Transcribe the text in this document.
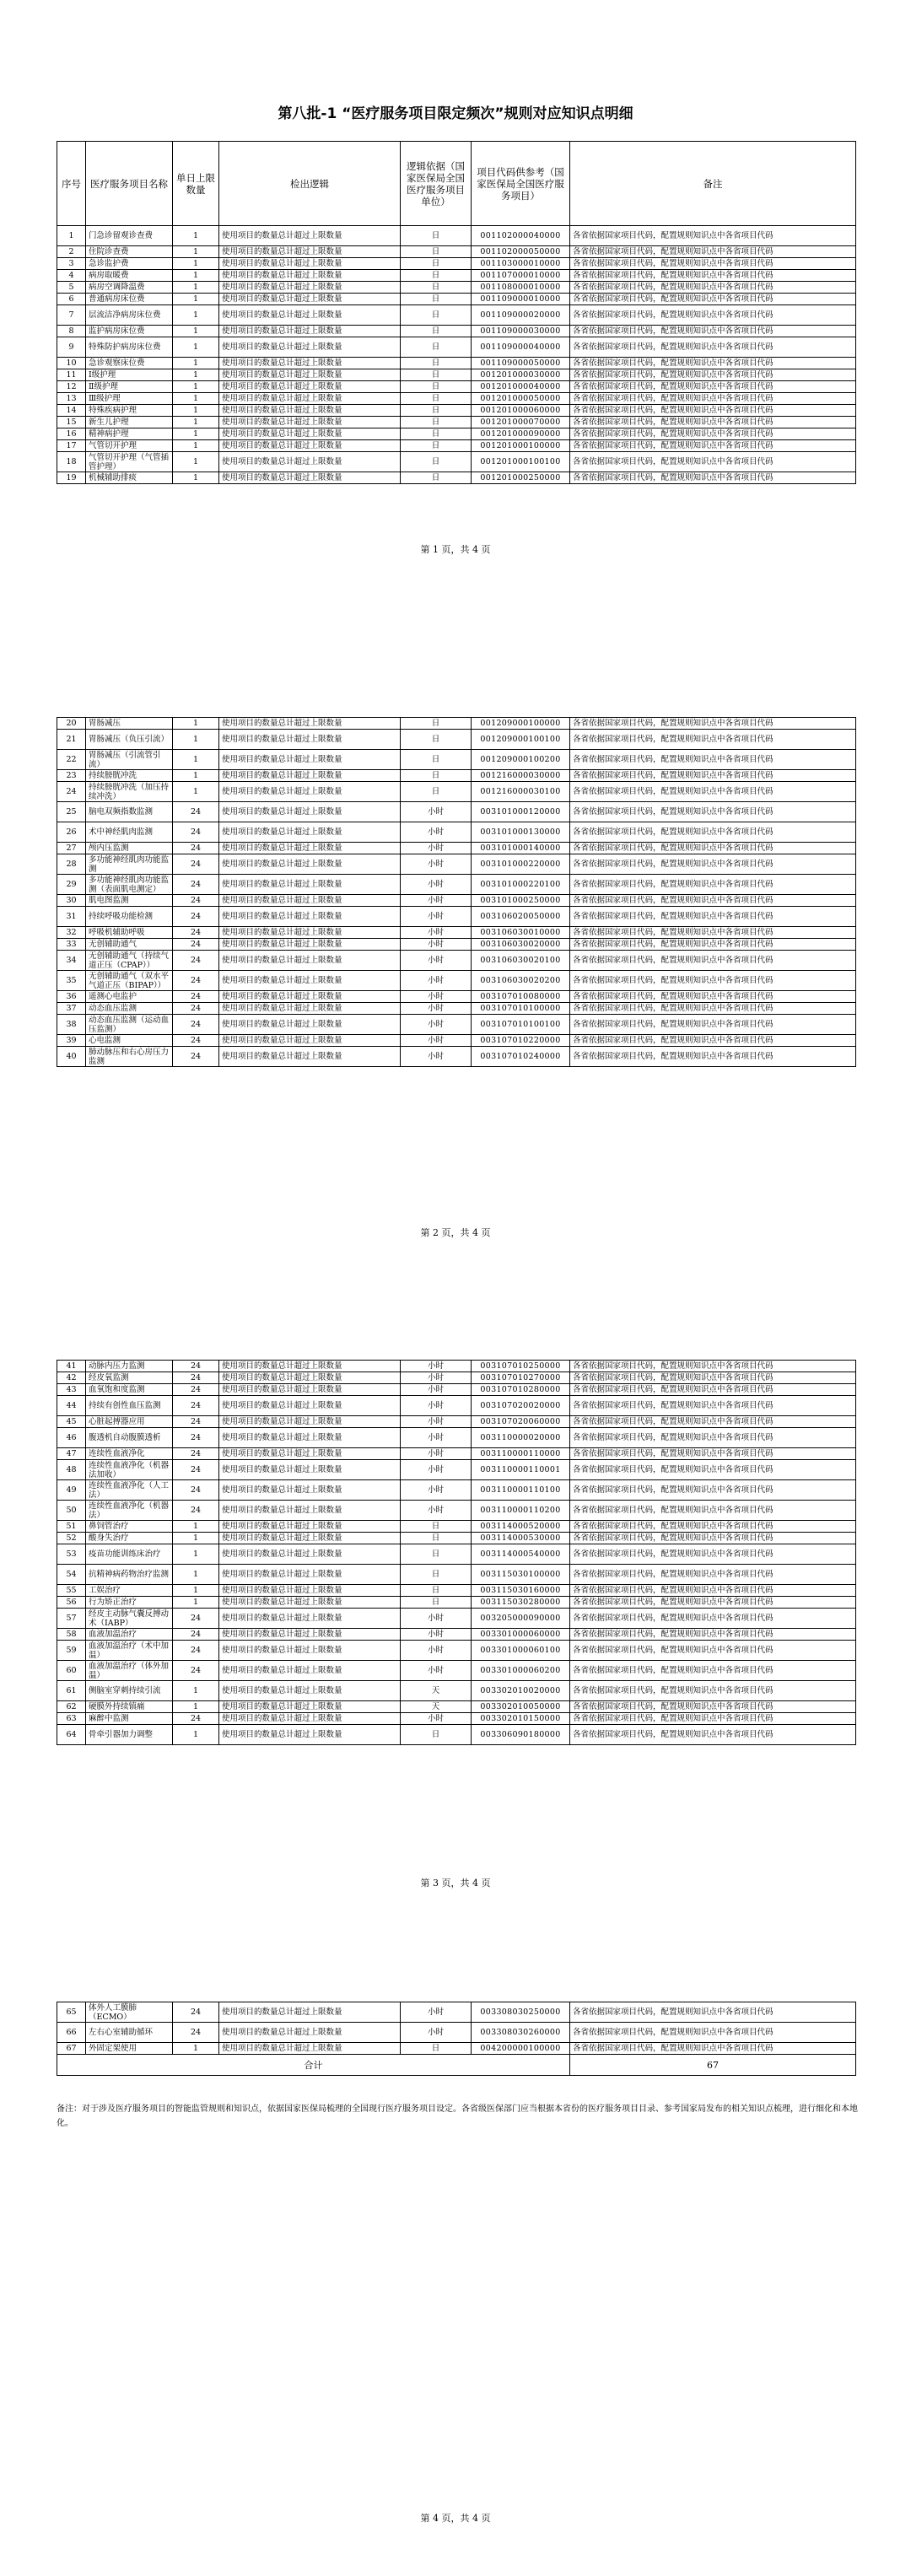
第八批-1 “医疗服务项目限定频次”规则对应知识点明细
序号	医疗服务项目名称	单日上限数量	检出逻辑	逻辑依据（国家医保局全国医疗服务项目单位）	项目代码供参考（国家医保局全国医疗服务项目）	备注
1	门急诊留观诊查费	1	使用项目的数量总计超过上限数量	日	001102000040000	各省依据国家项目代码，配置规则知识点中各省项目代码
2	住院诊查费	1	使用项目的数量总计超过上限数量	日	001102000050000	各省依据国家项目代码，配置规则知识点中各省项目代码
3	急诊监护费	1	使用项目的数量总计超过上限数量	日	001103000010000	各省依据国家项目代码，配置规则知识点中各省项目代码
4	病房取暖费	1	使用项目的数量总计超过上限数量	日	001107000010000	各省依据国家项目代码，配置规则知识点中各省项目代码
5	病房空调降温费	1	使用项目的数量总计超过上限数量	日	001108000010000	各省依据国家项目代码，配置规则知识点中各省项目代码
6	普通病房床位费	1	使用项目的数量总计超过上限数量	日	001109000010000	各省依据国家项目代码，配置规则知识点中各省项目代码
7	层流洁净病房床位费	1	使用项目的数量总计超过上限数量	日	001109000020000	各省依据国家项目代码，配置规则知识点中各省项目代码
8	监护病房床位费	1	使用项目的数量总计超过上限数量	日	001109000030000	各省依据国家项目代码，配置规则知识点中各省项目代码
9	特殊防护病房床位费	1	使用项目的数量总计超过上限数量	日	001109000040000	各省依据国家项目代码，配置规则知识点中各省项目代码
10	急诊观察床位费	1	使用项目的数量总计超过上限数量	日	001109000050000	各省依据国家项目代码，配置规则知识点中各省项目代码
11	Ⅰ级护理	1	使用项目的数量总计超过上限数量	日	001201000030000	各省依据国家项目代码，配置规则知识点中各省项目代码
12	Ⅱ级护理	1	使用项目的数量总计超过上限数量	日	001201000040000	各省依据国家项目代码，配置规则知识点中各省项目代码
13	Ⅲ级护理	1	使用项目的数量总计超过上限数量	日	001201000050000	各省依据国家项目代码，配置规则知识点中各省项目代码
14	特殊疾病护理	1	使用项目的数量总计超过上限数量	日	001201000060000	各省依据国家项目代码，配置规则知识点中各省项目代码
15	新生儿护理	1	使用项目的数量总计超过上限数量	日	001201000070000	各省依据国家项目代码，配置规则知识点中各省项目代码
16	精神病护理	1	使用项目的数量总计超过上限数量	日	001201000090000	各省依据国家项目代码，配置规则知识点中各省项目代码
17	气管切开护理	1	使用项目的数量总计超过上限数量	日	001201000100000	各省依据国家项目代码，配置规则知识点中各省项目代码
18	气管切开护理（气管插管护理）	1	使用项目的数量总计超过上限数量	日	001201000100100	各省依据国家项目代码，配置规则知识点中各省项目代码
19	机械辅助排痰	1	使用项目的数量总计超过上限数量	日	001201000250000	各省依据国家项目代码，配置规则知识点中各省项目代码
第 1 页，共 4 页
20	胃肠减压	1	使用项目的数量总计超过上限数量	日	001209000100000	各省依据国家项目代码，配置规则知识点中各省项目代码
21	胃肠减压（负压引流）	1	使用项目的数量总计超过上限数量	日	001209000100100	各省依据国家项目代码，配置规则知识点中各省项目代码
22	胃肠减压（引流管引流）	1	使用项目的数量总计超过上限数量	日	001209000100200	各省依据国家项目代码，配置规则知识点中各省项目代码
23	持续膀胱冲洗	1	使用项目的数量总计超过上限数量	日	001216000030000	各省依据国家项目代码，配置规则知识点中各省项目代码
24	持续膀胱冲洗（加压持续冲洗）	1	使用项目的数量总计超过上限数量	日	001216000030100	各省依据国家项目代码，配置规则知识点中各省项目代码
25	脑电双频指数监测	24	使用项目的数量总计超过上限数量	小时	003101000120000	各省依据国家项目代码，配置规则知识点中各省项目代码
26	术中神经肌肉监测	24	使用项目的数量总计超过上限数量	小时	003101000130000	各省依据国家项目代码，配置规则知识点中各省项目代码
27	颅内压监测	24	使用项目的数量总计超过上限数量	小时	003101000140000	各省依据国家项目代码，配置规则知识点中各省项目代码
28	多功能神经肌肉功能监测	24	使用项目的数量总计超过上限数量	小时	003101000220000	各省依据国家项目代码，配置规则知识点中各省项目代码
29	多功能神经肌肉功能监测（表面肌电测定）	24	使用项目的数量总计超过上限数量	小时	003101000220100	各省依据国家项目代码，配置规则知识点中各省项目代码
30	肌电图监测	24	使用项目的数量总计超过上限数量	小时	003101000250000	各省依据国家项目代码，配置规则知识点中各省项目代码
31	持续呼吸功能检测	24	使用项目的数量总计超过上限数量	小时	003106020050000	各省依据国家项目代码，配置规则知识点中各省项目代码
32	呼吸机辅助呼吸	24	使用项目的数量总计超过上限数量	小时	003106030010000	各省依据国家项目代码，配置规则知识点中各省项目代码
33	无创辅助通气	24	使用项目的数量总计超过上限数量	小时	003106030020000	各省依据国家项目代码，配置规则知识点中各省项目代码
34	无创辅助通气（持续气道正压（CPAP））	24	使用项目的数量总计超过上限数量	小时	003106030020100	各省依据国家项目代码，配置规则知识点中各省项目代码
35	无创辅助通气（双水平气道正压（BIPAP））	24	使用项目的数量总计超过上限数量	小时	003106030020200	各省依据国家项目代码，配置规则知识点中各省项目代码
36	遥测心电监护	24	使用项目的数量总计超过上限数量	小时	003107010080000	各省依据国家项目代码，配置规则知识点中各省项目代码
37	动态血压监测	24	使用项目的数量总计超过上限数量	小时	003107010100000	各省依据国家项目代码，配置规则知识点中各省项目代码
38	动态血压监测（运动血压监测）	24	使用项目的数量总计超过上限数量	小时	003107010100100	各省依据国家项目代码，配置规则知识点中各省项目代码
39	心电监测	24	使用项目的数量总计超过上限数量	小时	003107010220000	各省依据国家项目代码，配置规则知识点中各省项目代码
40	肺动脉压和右心房压力监测	24	使用项目的数量总计超过上限数量	小时	003107010240000	各省依据国家项目代码，配置规则知识点中各省项目代码
第 2 页，共 4 页
41	动脉内压力监测	24	使用项目的数量总计超过上限数量	小时	003107010250000	各省依据国家项目代码，配置规则知识点中各省项目代码
42	经皮氧监测	24	使用项目的数量总计超过上限数量	小时	003107010270000	各省依据国家项目代码，配置规则知识点中各省项目代码
43	血氧饱和度监测	24	使用项目的数量总计超过上限数量	小时	003107010280000	各省依据国家项目代码，配置规则知识点中各省项目代码
44	持续有创性血压监测	24	使用项目的数量总计超过上限数量	小时	003107020020000	各省依据国家项目代码，配置规则知识点中各省项目代码
45	心脏起搏器应用	24	使用项目的数量总计超过上限数量	小时	003107020060000	各省依据国家项目代码，配置规则知识点中各省项目代码
46	腹透机自动腹膜透析	24	使用项目的数量总计超过上限数量	小时	003110000020000	各省依据国家项目代码，配置规则知识点中各省项目代码
47	连续性血液净化	24	使用项目的数量总计超过上限数量	小时	003110000110000	各省依据国家项目代码，配置规则知识点中各省项目代码
48	连续性血液净化（机器法加收）	24	使用项目的数量总计超过上限数量	小时	003110000110001	各省依据国家项目代码，配置规则知识点中各省项目代码
49	连续性血液净化（人工法）	24	使用项目的数量总计超过上限数量	小时	003110000110100	各省依据国家项目代码，配置规则知识点中各省项目代码
50	连续性血液净化（机器法）	24	使用项目的数量总计超过上限数量	小时	003110000110200	各省依据国家项目代码，配置规则知识点中各省项目代码
51	鼻饲管治疗	1	使用项目的数量总计超过上限数量	日	003114000520000	各省依据国家项目代码，配置规则知识点中各省项目代码
52	酸身失治疗	1	使用项目的数量总计超过上限数量	日	003114000530000	各省依据国家项目代码，配置规则知识点中各省项目代码
53	疫苗功能训练床治疗	1	使用项目的数量总计超过上限数量	日	003114000540000	各省依据国家项目代码，配置规则知识点中各省项目代码
54	抗精神病药物治疗监测	1	使用项目的数量总计超过上限数量	日	003115030100000	各省依据国家项目代码，配置规则知识点中各省项目代码
55	工娱治疗	1	使用项目的数量总计超过上限数量	日	003115030160000	各省依据国家项目代码，配置规则知识点中各省项目代码
56	行为矫正治疗	1	使用项目的数量总计超过上限数量	日	003115030280000	各省依据国家项目代码，配置规则知识点中各省项目代码
57	经皮主动脉气囊反搏动术（IABP）	24	使用项目的数量总计超过上限数量	小时	003205000090000	各省依据国家项目代码，配置规则知识点中各省项目代码
58	血液加温治疗	24	使用项目的数量总计超过上限数量	小时	003301000060000	各省依据国家项目代码，配置规则知识点中各省项目代码
59	血液加温治疗（术中加温）	24	使用项目的数量总计超过上限数量	小时	003301000060100	各省依据国家项目代码，配置规则知识点中各省项目代码
60	血液加温治疗（体外加温）	24	使用项目的数量总计超过上限数量	小时	003301000060200	各省依据国家项目代码，配置规则知识点中各省项目代码
61	侧脑室穿刺持续引流	1	使用项目的数量总计超过上限数量	天	003302010020000	各省依据国家项目代码，配置规则知识点中各省项目代码
62	硬膜外持续镇痛	1	使用项目的数量总计超过上限数量	天	003302010050000	各省依据国家项目代码，配置规则知识点中各省项目代码
63	麻醉中监测	24	使用项目的数量总计超过上限数量	小时	003302010150000	各省依据国家项目代码，配置规则知识点中各省项目代码
64	骨牵引器加力调整	1	使用项目的数量总计超过上限数量	日	003306090180000	各省依据国家项目代码，配置规则知识点中各省项目代码
第 3 页，共 4 页
65	体外人工膜肺（ECMO）	24	使用项目的数量总计超过上限数量	小时	003308030250000	各省依据国家项目代码，配置规则知识点中各省项目代码
66	左右心室辅助循环	24	使用项目的数量总计超过上限数量	小时	003308030260000	各省依据国家项目代码，配置规则知识点中各省项目代码
67	外固定架使用	1	使用项目的数量总计超过上限数量	日	004200000100000	各省依据国家项目代码，配置规则知识点中各省项目代码
合计						67
备注：对于涉及医疗服务项目的智能监管规则和知识点，依据国家医保局梳理的全国现行医疗服务项目设定。各省级医保部门应当根据本省份的医疗服务项目目录、参考国家局发布的相关知识点梳理，进行细化和本地化。
第 4 页，共 4 页
